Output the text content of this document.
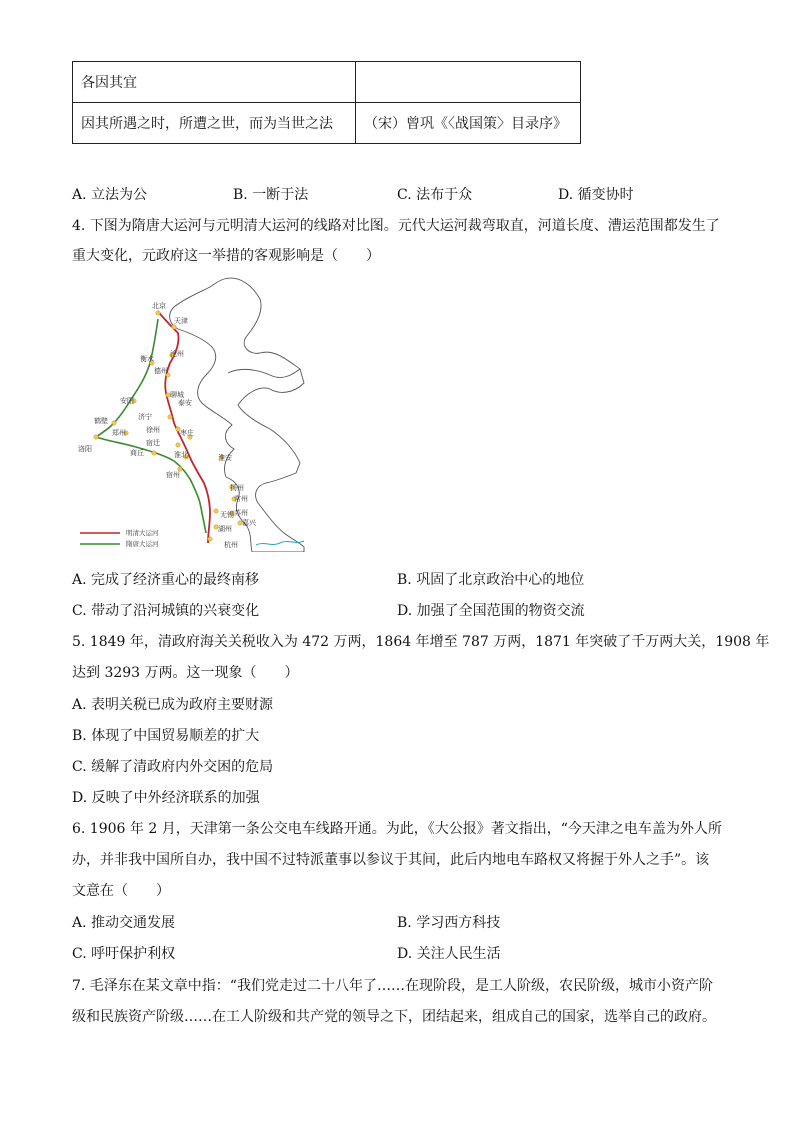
各因其宜	
因其所遇之时，所遭之世，而为当世之法	（宋）曾巩《〈战国策〉目录序》
A. 立法为公	B. 一断于法	C. 法布于众	D. 循变协时
4. 下图为隋唐大运河与元明清大运河的线路对比图。元代大运河裁弯取直，河道长度、漕运范围都发生了
重大变化，元政府这一举措的客观影响是（　　）
北京
天津
沧州
衡水
德州
安阳
聊城
泰安
鹤壁	济宁
郑州	徐州	枣庄
洛阳	商丘
宿迁
淮北	淮安
宿州
扬州
常州
苏州
无锡
湖州
嘉兴
杭州
明清大运河
隋唐大运河
A. 完成了经济重心的最终南移	B. 巩固了北京政治中心的地位
C. 带动了沿河城镇的兴衰变化	D. 加强了全国范围的物资交流
5. 1849 年，清政府海关关税收入为 472 万两，1864 年增至 787 万两，1871 年突破了千万两大关，1908 年
达到 3293 万两。这一现象（　　）
A. 表明关税已成为政府主要财源
B. 体现了中国贸易顺差的扩大
C. 缓解了清政府内外交困的危局
D. 反映了中外经济联系的加强
6. 1906 年 2 月，天津第一条公交电车线路开通。为此，《大公报》著文指出，“今天津之电车盖为外人所
办，并非我中国所自办，我中国不过特派董事以参议于其间，此后内地电车路权又将握于外人之手”。该
文意在（　　）
A. 推动交通发展	B. 学习西方科技
C. 呼吁保护利权	D. 关注人民生活
7. 毛泽东在某文章中指：“我们党走过二十八年了……在现阶段，是工人阶级，农民阶级，城市小资产阶
级和民族资产阶级……在工人阶级和共产党的领导之下，团结起来，组成自己的国家，选举自己的政府。
